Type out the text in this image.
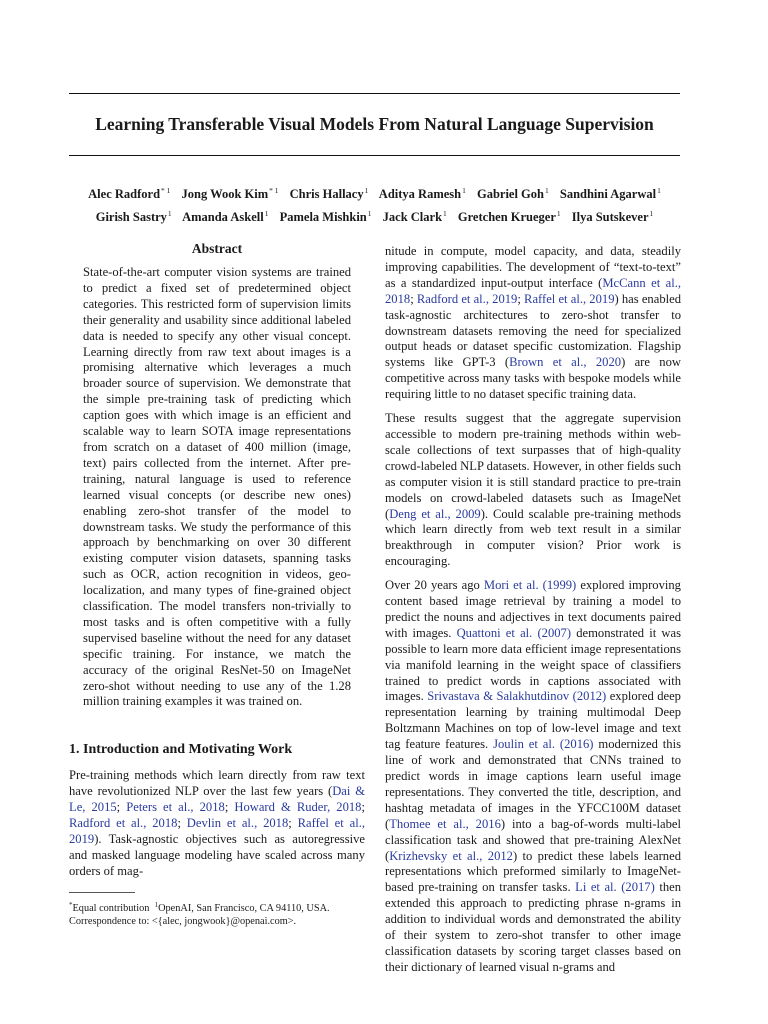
Learning Transferable Visual Models From Natural Language Supervision
Alec Radford$^{* 1}$ Jong Wook Kim$^{* 1}$ Chris Hallacy$^1$ Aditya Ramesh$^1$ Gabriel Goh$^1$ Sandhini Agarwal$^1$
Girish Sastry$^1$ Amanda Askell$^1$ Pamela Mishkin$^1$ Jack Clark$^1$ Gretchen Krueger$^1$ Ilya Sutskever$^1$
Abstract
State-of-the-art computer vision systems are trained to predict a fixed set of predetermined object categories. This restricted form of supervision limits their generality and usability since additional labeled data is needed to specify any other visual concept. Learning directly from raw text about images is a promising alternative which leverages a much broader source of supervision. We demonstrate that the simple pre-training task of predicting which caption goes with which image is an efficient and scalable way to learn SOTA image representations from scratch on a dataset of 400 million (image, text) pairs collected from the internet. After pre-training, natural language is used to reference learned visual concepts (or describe new ones) enabling zero-shot transfer of the model to downstream tasks. We study the performance of this approach by benchmarking on over 30 different existing computer vision datasets, spanning tasks such as OCR, action recognition in videos, geo-localization, and many types of fine-grained object classification. The model transfers non-trivially to most tasks and is often competitive with a fully supervised baseline without the need for any dataset specific training. For instance, we match the accuracy of the original ResNet-50 on ImageNet zero-shot without needing to use any of the 1.28 million training examples it was trained on.
1. Introduction and Motivating Work

Pre-training methods which learn directly from raw text have revolutionized NLP over the last few years (Dai & Le, 2015; Peters et al., 2018; Howard & Ruder, 2018; Radford et al., 2018; Devlin et al., 2018; Raffel et al., 2019). Task-agnostic objectives such as autoregressive and masked language modeling have scaled across many orders of mag-

*Equal contribution $^1$OpenAI, San Francisco, CA 94110, USA.
Correspondence to: <{alec, jongwook}@openai.com>.

nitude in compute, model capacity, and data, steadily improving capabilities. The development of “text-to-text” as a standardized input-output interface (McCann et al., 2018; Radford et al., 2019; Raffel et al., 2019) has enabled task-agnostic architectures to zero-shot transfer to downstream datasets removing the need for specialized output heads or dataset specific customization. Flagship systems like GPT-3 (Brown et al., 2020) are now competitive across many tasks with bespoke models while requiring little to no dataset specific training data.

These results suggest that the aggregate supervision accessible to modern pre-training methods within web-scale collections of text surpasses that of high-quality crowd-labeled NLP datasets. However, in other fields such as computer vision it is still standard practice to pre-train models on crowd-labeled datasets such as ImageNet (Deng et al., 2009). Could scalable pre-training methods which learn directly from web text result in a similar breakthrough in computer vision? Prior work is encouraging.

Over 20 years ago Mori et al. (1999) explored improving content based image retrieval by training a model to predict the nouns and adjectives in text documents paired with images. Quattoni et al. (2007) demonstrated it was possible to learn more data efficient image representations via manifold learning in the weight space of classifiers trained to predict words in captions associated with images. Srivastava & Salakhutdinov (2012) explored deep representation learning by training multimodal Deep Boltzmann Machines on top of low-level image and text tag feature features. Joulin et al. (2016) modernized this line of work and demonstrated that CNNs trained to predict words in image captions learn useful image representations. They converted the title, description, and hashtag metadata of images in the YFCC100M dataset (Thomee et al., 2016) into a bag-of-words multi-label classification task and showed that pre-training AlexNet (Krizhevsky et al., 2012) to predict these labels learned representations which preformed similarly to ImageNet-based pre-training on transfer tasks. Li et al. (2017) then extended this approach to predicting phrase n-grams in addition to individual words and demonstrated the ability of their system to zero-shot transfer to other image classification datasets by scoring target classes based on their dictionary of learned visual n-grams and
